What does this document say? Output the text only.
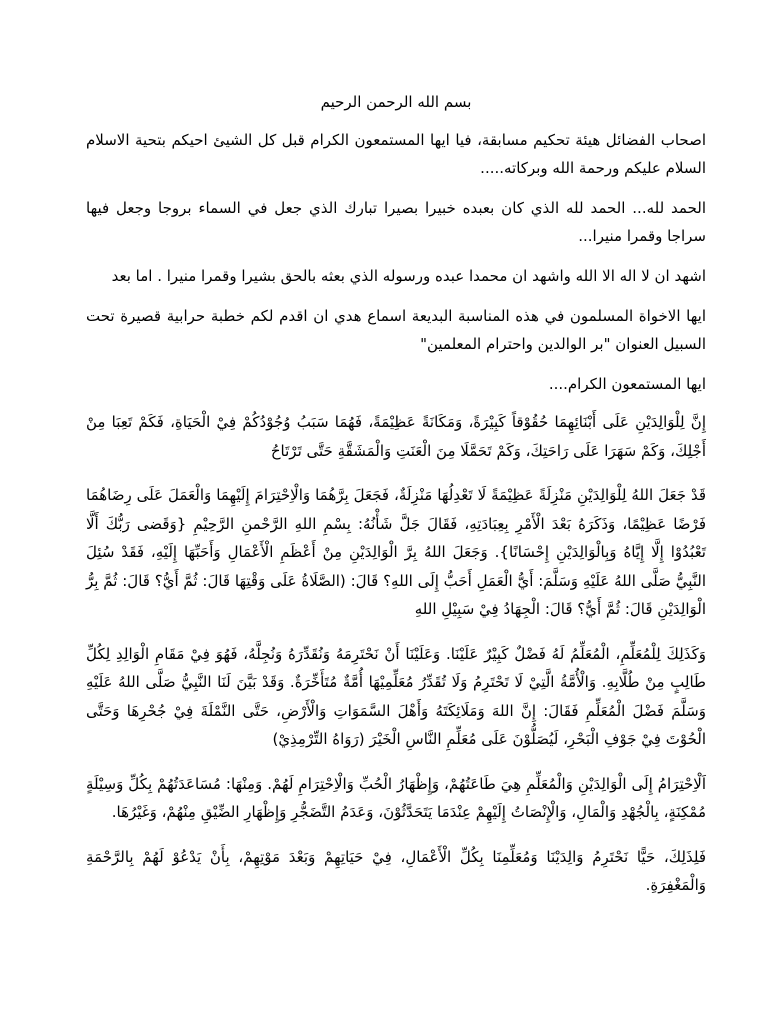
بسم الله الرحمن الرحيم

اصحاب الفضائل هيئة تحكيم مسابقة، فيا ايها المستمعون الكرام قبل كل الشيئ احيكم بتحية الاسلام السلام عليكم ورحمة الله وبركاته.....

الحمد لله... الحمد لله الذي كان بعبده خبيرا بصيرا تبارك الذي جعل في السماء بروجا وجعل فيها سراجا وقمرا منيرا...

اشهد ان لا اله الا الله واشهد ان محمدا عبده ورسوله الذي بعثه بالحق بشيرا وقمرا منيرا . اما بعد

ايها الاخواة المسلمون في هذه المناسبة البديعة اسماع هدي ان اقدم لكم خطبة حرابية قصيرة تحت السبيل العنوان "بر الوالدين واحترام المعلمين"

ايها المستمعون الكرام....

إِنَّ لِلْوَالِدَيْنِ عَلَى أَبْنَائِهِمَا حُقُوْقاً كَبِيْرَةً، وَمَكَانَةً عَظِيْمَةً، فَهُمَا سَبَبُ وُجُوْدُكُمْ فِيْ الْحَيَاةِ، فَكَمْ تَعِبَا مِنْ أَجْلِكَ، وَكَمْ سَهَرَا عَلَى رَاحَتِكَ، وَكَمْ تَحَمَّلَا مِنَ الْعَنَتِ وَالْمَشَقَّةِ حَتَّى تَرْتَاحُ

قَدْ جَعَلَ اللهُ لِلْوَالِدَيْنِ مَنْزِلَةً عَظِيْمَةً لَا تَعْدِلُهَا مَنْزِلَةٌ، فَجَعَلَ بِرَّهُمَا وَالْاِحْتِرَامَ إِلَيْهِمَا وَالْعَمَلَ عَلَى رِضَاهُمَا فَرْضًا عَظِيْمًا، وَذَكَرَهُ بَعْدَ الْأَمْرِ بِعِبَادَتِهِ، فَقَالَ جَلَّ شَأْنُهُ: بِسْمِ اللهِ الرَّحْمنِ الرَّحِيْمِ {وَقَضى رَبُّكَ أَلَّا تَعْبُدُوْا إِلَّا إِيَّاهُ وَبِالْوَالِدَيْنِ إِحْسَانًا}. وَجَعَلَ اللهُ بِرَّ الْوَالِدَيْنِ مِنْ أَعْظَمِ الْأَعْمَالِ وَأَحَبِّهَا إِلَيْهِ، فَقَدْ سُئِلَ النَّبِيُّ صَلَّى اللهُ عَلَيْهِ وَسَلَّمَ: أَيُّ الْعَمَلِ أَحَبُّ إِلَى اللهِ؟ قَالَ: (الصَّلَاةُ عَلَى وَقْتِهَا قَالَ: ثُمَّ أَيُّ؟ قَالَ: ثُمَّ بِرُّ الْوَالِدَيْنِ قَالَ: ثُمَّ أَيُّ؟ قَالَ: الْجِهَادُ فِيْ سَبِيْلِ اللهِ

وَكَذَلِكَ لِلْمُعَلِّمِ، الْمُعَلِّمُ لَهُ فَضْلٌ كَبِيْرٌ عَلَيْنَا. وَعَلَيْنَا أَنْ نَحْتَرِمَهُ وَنُقَدِّرَهُ وَنُجِلَّهُ، فَهُوَ فِيْ مَقَامِ الْوَالِدِ لِكُلِّ طَالِبٍ مِنْ طُلَّابِهِ. وَالْأُمَّةُ الَّتِيْ لَا تَحْتَرِمُ وَلَا تُقَدِّرُ مُعَلِّمِيْهَا أُمَّةٌ مُتَأَخِّرَةٌ. وَقَدْ بَيَّنَ لَنَا النَّبِيُّ صَلَّى اللهُ عَلَيْهِ وَسَلَّمَ فَضْلَ الْمُعَلِّمِ فَقَالَ: إِنَّ اللهَ وَمَلَائِكَتَهُ وَأَهْلَ السَّمَوَاتِ وَالْأَرْضِ، حَتَّى النَّمْلَةَ فِيْ جُحْرِهَا وَحَتَّى الْحُوْتَ فِيْ جَوْفِ الْبَحْرِ، لَيُصَلُّوْنَ عَلَى مُعَلِّمِ النَّاسِ الْخَيْرَ (رَوَاهُ التِّرْمِذِيْ)

اَلْاِحْتِرَامُ إِلَى الْوَالِدَيْنِ وَالْمُعَلِّمِ هِيَ طَاعَتُهُمْ، وَإِظْهَارُ الْحُبِّ وَالْاِحْتِرَامِ لَهُمْ. وَمِنْهَا: مُسَاعَدَتُهُمْ بِكُلِّ وَسِيْلَةٍ مُمْكِنَةٍ، بِالْجُهْدِ وَالْمَالِ، وَالْإِنْصَاتُ إِلَيْهِمْ عِنْدَمَا يَتَحَدَّثُوْنَ، وَعَدَمُ التَّضَجُّرِ وَإِظْهَارِ الضِّيْقِ مِنْهُمْ، وَغَيْرُهَا.

فَلِذَلِكَ، حَيًّا نَحْتَرِمُ وَالِدَيْنَا وَمُعَلِّمِنَا بِكُلِّ الْأَعْمَالِ، فِيْ حَيَاتِهِمْ وَبَعْدَ مَوْتِهِمْ، بِأَنْ يَدْعُوْ لَهُمْ بِالرَّحْمَةِ وَالْمَغْفِرَةِ.
